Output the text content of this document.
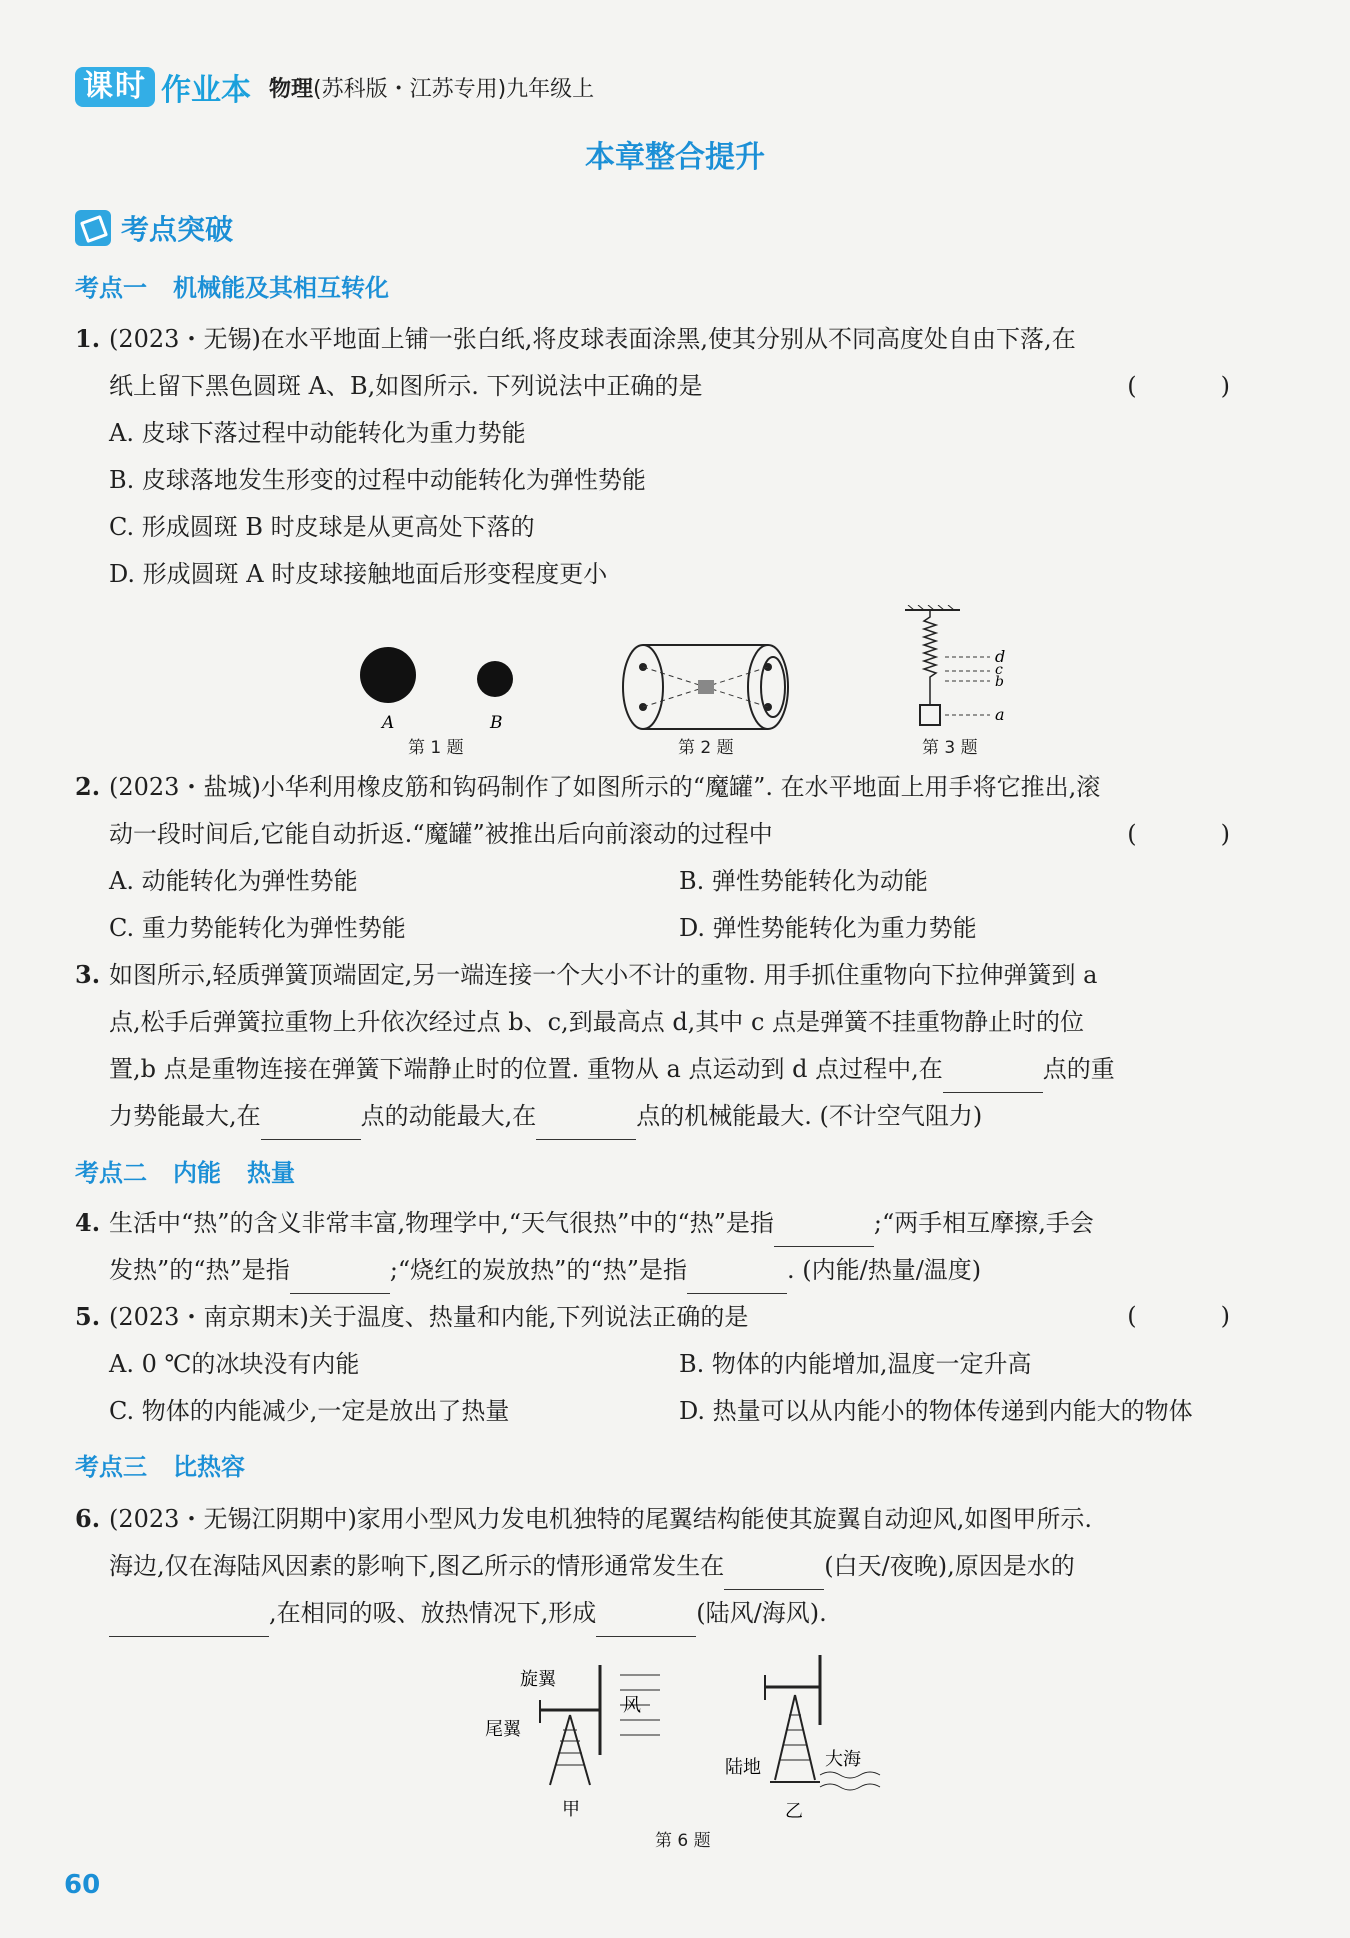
课时 作业本 物理(苏科版・江苏专用)九年级上
本章整合提升
考点突破
考点一 机械能及其相互转化
1. (2023・无锡)在水平地面上铺一张白纸,将皮球表面涂黑,使其分别从不同高度处自由下落,在
纸上留下黑色圆斑 A、B,如图所示. 下列说法中正确的是	(　)
A. 皮球下落过程中动能转化为重力势能
B. 皮球落地发生形变的过程中动能转化为弹性势能
C. 形成圆斑 B 时皮球是从更高处下落的
D. 形成圆斑 A 时皮球接触地面后形变程度更小
A	B
第 1 题	第 2 题
d
c
b
a
第 3 题
2. (2023・盐城)小华利用橡皮筋和钩码制作了如图所示的“魔罐”. 在水平地面上用手将它推出,滚
动一段时间后,它能自动折返.“魔罐”被推出后向前滚动的过程中	(　)
A. 动能转化为弹性势能	B. 弹性势能转化为动能
C. 重力势能转化为弹性势能	D. 弹性势能转化为重力势能
3. 如图所示,轻质弹簧顶端固定,另一端连接一个大小不计的重物. 用手抓住重物向下拉伸弹簧到 a
点,松手后弹簧拉重物上升依次经过点 b、c,到最高点 d,其中 c 点是弹簧不挂重物静止时的位
置,b 点是重物连接在弹簧下端静止时的位置. 重物从 a 点运动到 d 点过程中,在	点的重
力势能最大,在	点的动能最大,在	点的机械能最大. (不计空气阻力)
考点二 内能 热量
4. 生活中“热”的含义非常丰富,物理学中,“天气很热”中的“热”是指	;“两手相互摩擦,手会
发热”的“热”是指	;“烧红的炭放热”的“热”是指	. (内能/热量/温度)
5. (2023・南京期末)关于温度、热量和内能,下列说法正确的是	(　)
A. 0 ℃的冰块没有内能	B. 物体的内能增加,温度一定升高
C. 物体的内能减少,一定是放出了热量	D. 热量可以从内能小的物体传递到内能大的物体
考点三 比热容
6. (2023・无锡江阴期中)家用小型风力发电机独特的尾翼结构能使其旋翼自动迎风,如图甲所示.
海边,仅在海陆风因素的影响下,图乙所示的情形通常发生在	(白天/夜晚),原因是水的
,在相同的吸、放热情况下,形成	(陆风/海风).
旋翼
尾翼
风
甲
陆地	大海
乙
第 6 题
60
